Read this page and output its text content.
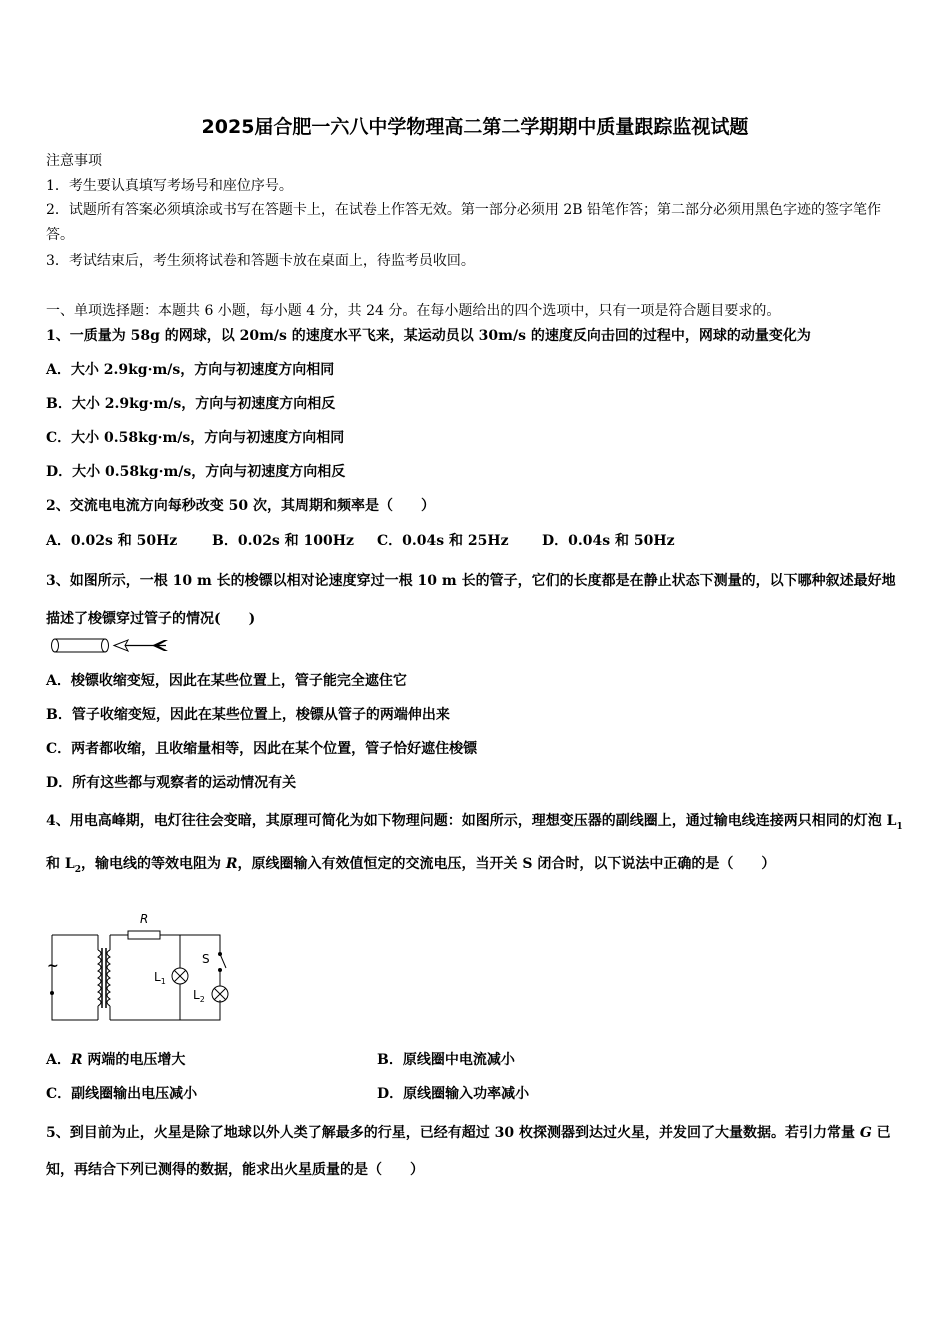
2025届合肥一六八中学物理高二第二学期期中质量跟踪监视试题
注意事项
1．考生要认真填写考场号和座位序号。
2．试题所有答案必须填涂或书写在答题卡上，在试卷上作答无效。第一部分必须用 2B 铅笔作答；第二部分必须用黑色字迹的签字笔作答。
3．考试结束后，考生须将试卷和答题卡放在桌面上，待监考员收回。
一、单项选择题：本题共 6 小题，每小题 4 分，共 24 分。在每小题给出的四个选项中，只有一项是符合题目要求的。
1、一质量为 58g 的网球，以 20m/s 的速度水平飞来，某运动员以 30m/s 的速度反向击回的过程中，网球的动量变化为
A．大小 2.9kg·m/s，方向与初速度方向相同
B．大小 2.9kg·m/s，方向与初速度方向相反
C．大小 0.58kg·m/s，方向与初速度方向相同
D．大小 0.58kg·m/s，方向与初速度方向相反
2、交流电电流方向每秒改变 50 次，其周期和频率是（　　）
A．0.02s 和 50Hz B．0.02s 和 100Hz C．0.04s 和 25Hz D．0.04s 和 50Hz
3、如图所示，一根 10 m 长的梭镖以相对论速度穿过一根 10 m 长的管子，它们的长度都是在静止状态下测量的，以下哪种叙述最好地描述了梭镖穿过管子的情况(　　)
A．梭镖收缩变短，因此在某些位置上，管子能完全遮住它
B．管子收缩变短，因此在某些位置上，梭镖从管子的两端伸出来
C．两者都收缩，且收缩量相等，因此在某个位置，管子恰好遮住梭镖
D．所有这些都与观察者的运动情况有关
4、用电高峰期，电灯往往会变暗，其原理可简化为如下物理问题：如图所示，理想变压器的副线圈上，通过输电线连接两只相同的灯泡 $L_1$和 $L_2$，输电线的等效电阻为 R，原线圈输入有效值恒定的交流电压，当开关 S 闭合时，以下说法中正确的是（　　）
~
R
S
$L_1$
$L_2$
A．R 两端的电压增大	B．原线圈中电流减小
C．副线圈输出电压减小	D．原线圈输入功率减小
5、到目前为止，火星是除了地球以外人类了解最多的行星，已经有超过 30 枚探测器到达过火星，并发回了大量数据。若引力常量 G 已知，再结合下列已测得的数据，能求出火星质量的是（　　）
